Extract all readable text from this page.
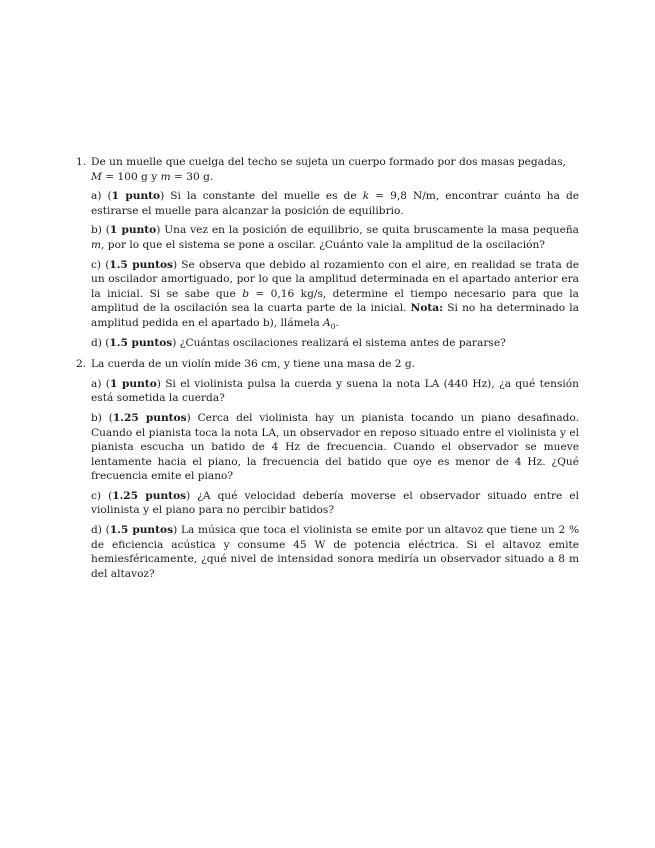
1. De un muelle que cuelga del techo se sujeta un cuerpo formado por dos masas pegadas, M = 100 g y m = 30 g.
a) (1 punto) Si la constante del muelle es de k = 9,8 N/m, encontrar cuánto ha de estirarse el muelle para alcanzar la posición de equilibrio.
b) (1 punto) Una vez en la posición de equilibrio, se quita bruscamente la masa pequeña m, por lo que el sistema se pone a oscilar. ¿Cuánto vale la amplitud de la oscilación?
c) (1.5 puntos) Se observa que debido al rozamiento con el aire, en realidad se trata de un oscilador amortiguado, por lo que la amplitud determinada en el apartado anterior era la inicial. Si se sabe que b = 0,16 kg/s, determine el tiempo necesario para que la amplitud de la oscilación sea la cuarta parte de la inicial. Nota: Si no ha determinado la amplitud pedida en el apartado b), llámela $A_0$.
d) (1.5 puntos) ¿Cuántas oscilaciones realizará el sistema antes de pararse?
2. La cuerda de un violín mide 36 cm, y tiene una masa de 2 g.
a) (1 punto) Si el violinista pulsa la cuerda y suena la nota LA (440 Hz), ¿a qué tensión está sometida la cuerda?
b) (1.25 puntos) Cerca del violinista hay un pianista tocando un piano desafinado. Cuando el pianista toca la nota LA, un observador en reposo situado entre el violinista y el pianista escucha un batido de 4 Hz de frecuencia. Cuando el observador se mueve lentamente hacia el piano, la frecuencia del batido que oye es menor de 4 Hz. ¿Qué frecuencia emite el piano?
c) (1.25 puntos) ¿A qué velocidad debería moverse el observador situado entre el violinista y el piano para no percibir batidos?
d) (1.5 puntos) La música que toca el violinista se emite por un altavoz que tiene un 2 % de eficiencia acústica y consume 45 W de potencia eléctrica. Si el altavoz emite hemiesféricamente, ¿qué nivel de intensidad sonora mediría un observador situado a 8 m del altavoz?
